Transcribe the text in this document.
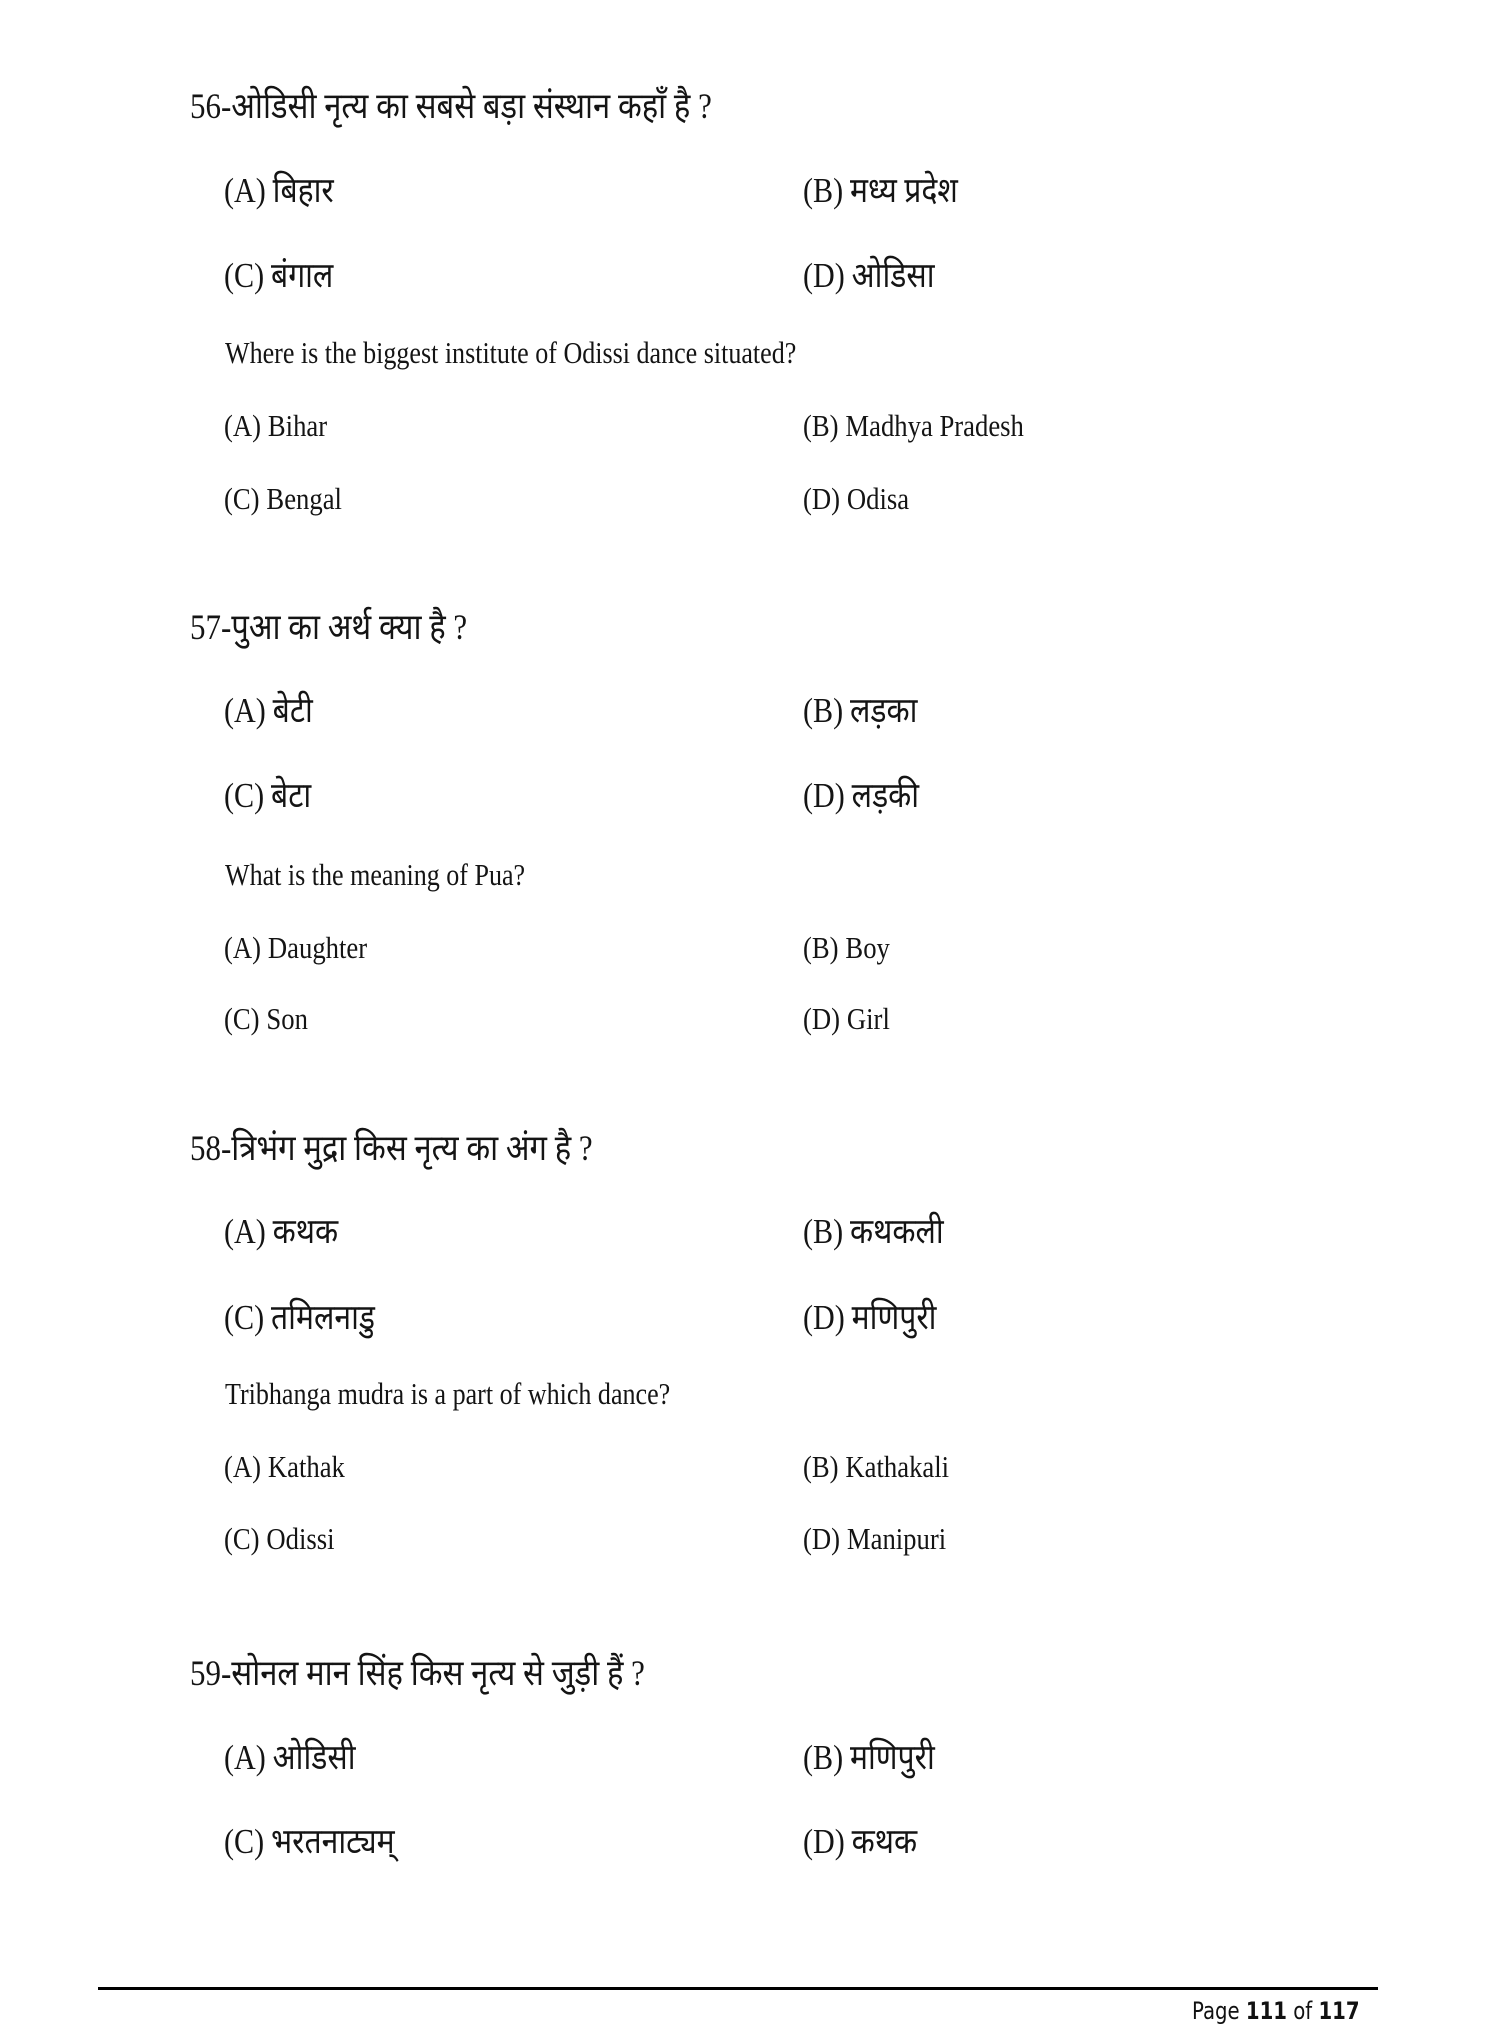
56-ओडिसी नृत्य का सबसे बड़ा संस्थान कहाँ है ?
(A) बिहार	(B) मध्य प्रदेश
(C) बंगाल	(D) ओडिसा
Where is the biggest institute of Odissi dance situated?
(A) Bihar	(B) Madhya Pradesh
(C) Bengal	(D) Odisa
57-पुआ का अर्थ क्या है ?
(A) बेटी	(B) लड़का
(C) बेटा	(D) लड़की
What is the meaning of Pua?
(A) Daughter	(B) Boy
(C) Son	(D) Girl
58-त्रिभंग मुद्रा किस नृत्य का अंग है ?
(A) कथक	(B) कथकली
(C) तमिलनाडु	(D) मणिपुरी
Tribhanga mudra is a part of which dance?
(A) Kathak	(B) Kathakali
(C) Odissi	(D) Manipuri
59-सोनल मान सिंह किस नृत्य से जुड़ी हैं ?
(A) ओडिसी	(B) मणिपुरी
(C) भरतनाट्यम्	(D) कथक
Page 111 of 117
